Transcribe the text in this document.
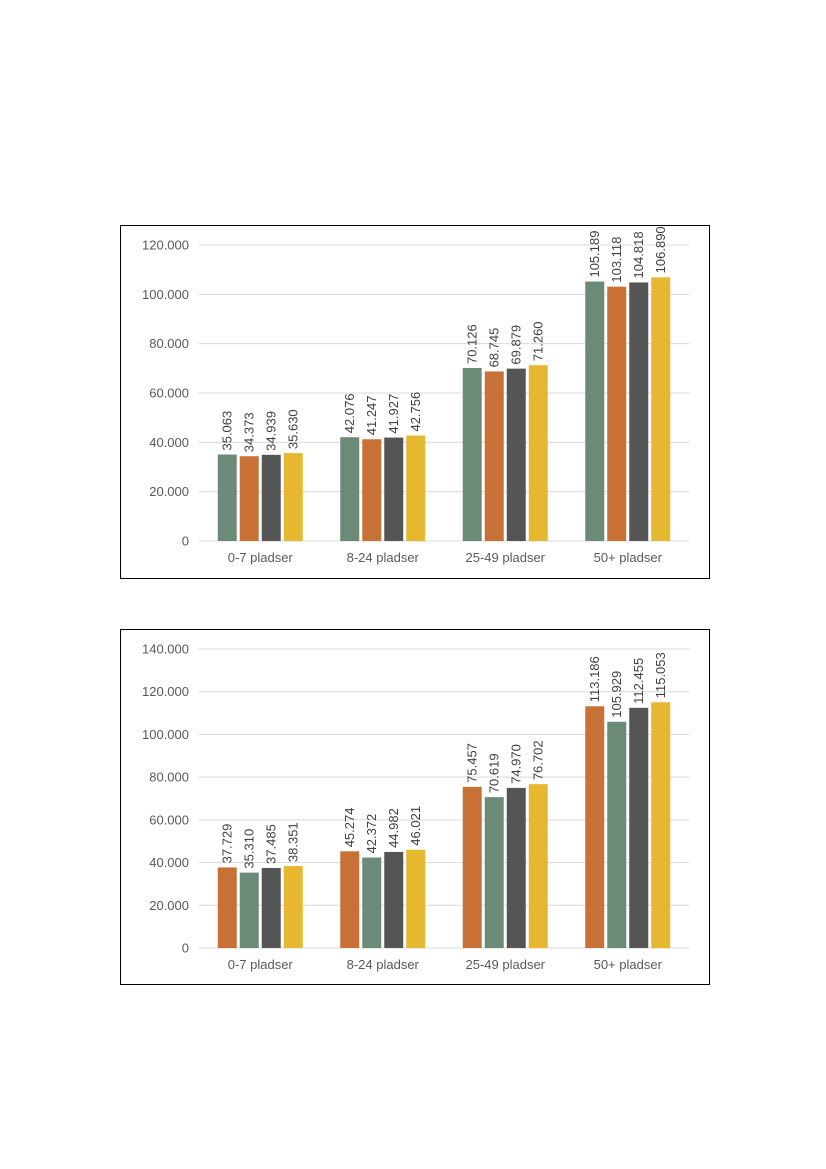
0
20.000
40.000
60.000
80.000
100.000
120.000
35.063 34.373 34.939 35.630
0-7 pladser
42.076 41.247 41.927 42.756
8-24 pladser
70.126 68.745 69.879 71.260
25-49 pladser
105.189 103.118 104.818 106.890
50+ pladser
0
20.000
40.000
60.000
80.000
100.000
120.000
140.000
37.729 35.310 37.485 38.351
0-7 pladser
45.274 42.372 44.982 46.021
8-24 pladser
75.457 70.619 74.970 76.702
25-49 pladser
113.186 105.929 112.455 115.053
50+ pladser
